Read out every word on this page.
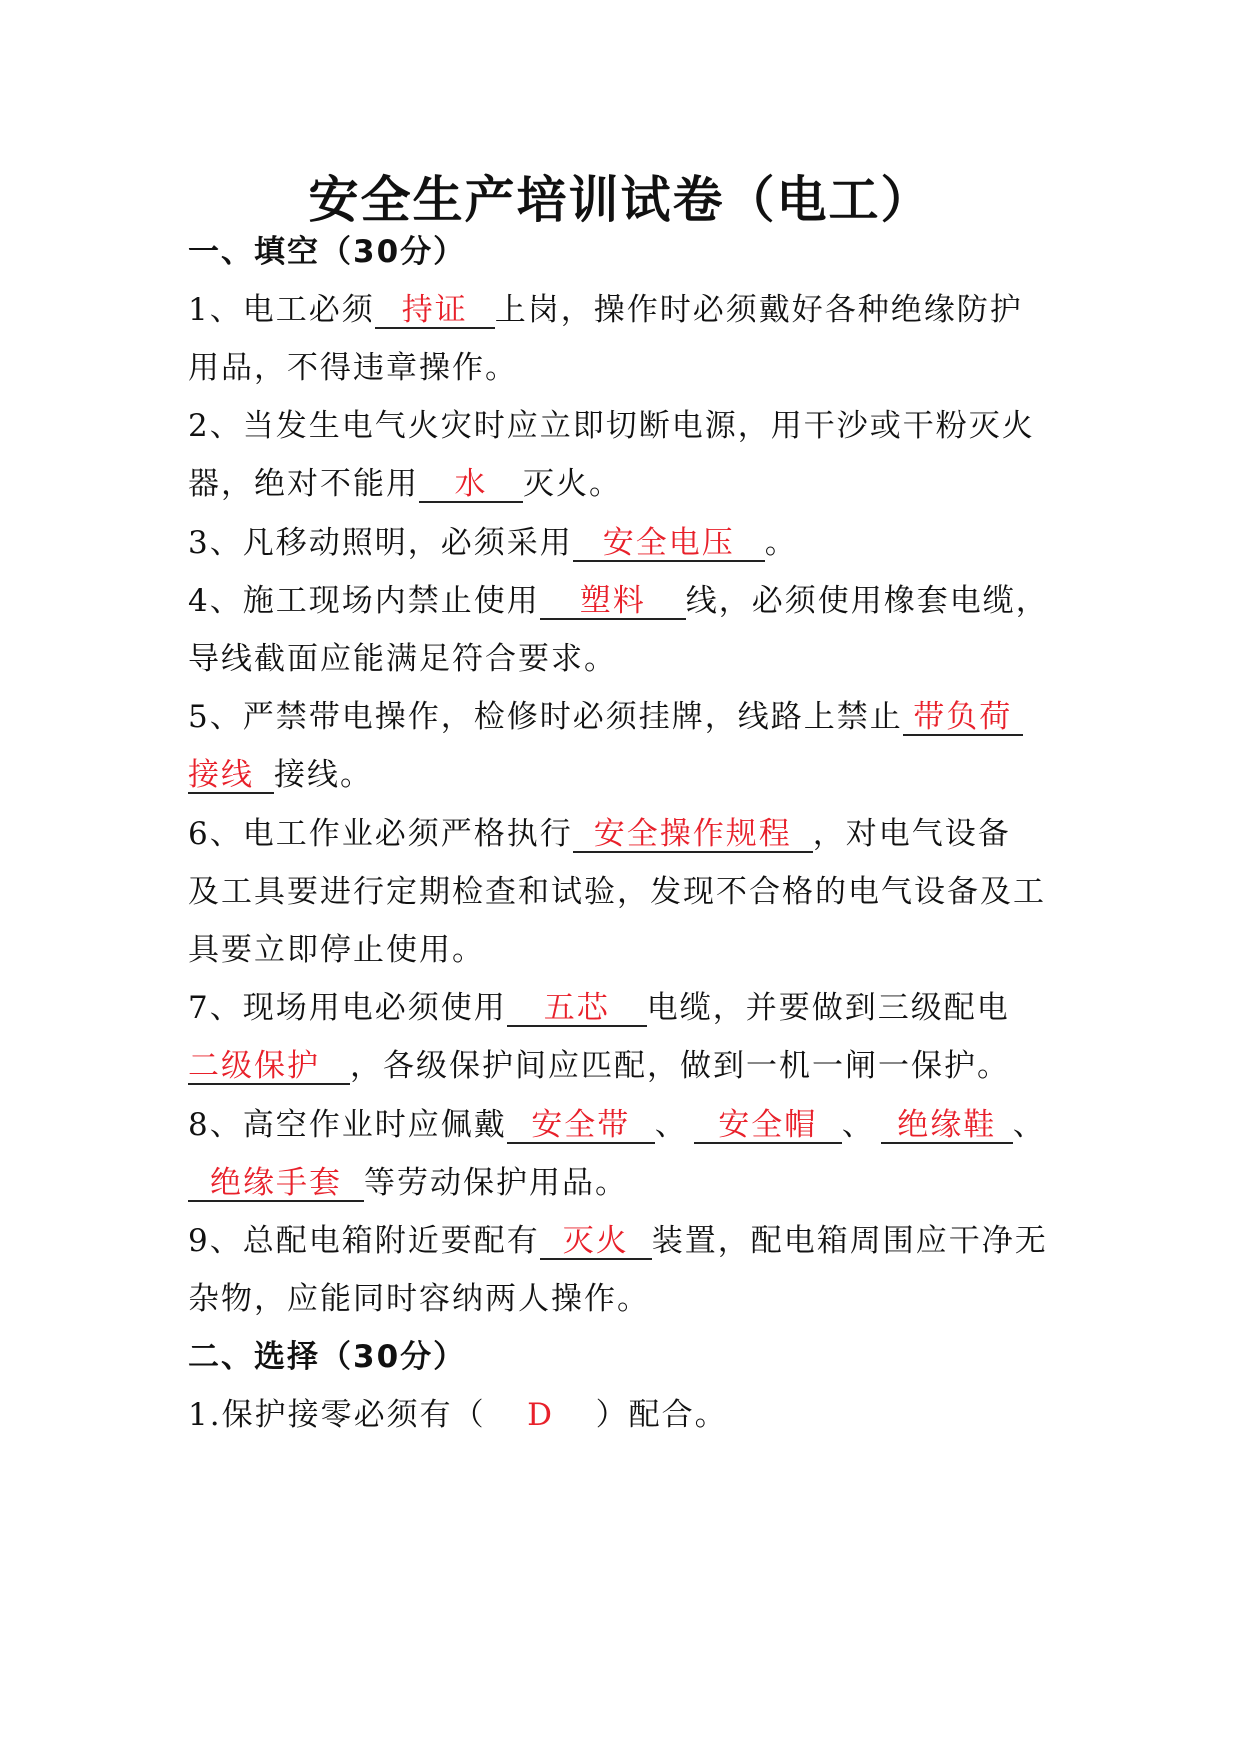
安全生产培训试卷（电工）
一、填空（30分）
1、电工必须 持证 上岗，操作时必须戴好各种绝缘防护
用品，不得违章操作。
2、当发生电气火灾时应立即切断电源，用干沙或干粉灭火
器，绝对不能用 水 灭火。
3、凡移动照明，必须采用 安全电压 。
4、施工现场内禁止使用 塑料 线，必须使用橡套电缆，
导线截面应能满足符合要求。
5、严禁带电操作，检修时必须挂牌，线路上禁止 带负荷
接线 接线。
6、电工作业必须严格执行 安全操作规程 ，对电气设备
及工具要进行定期检查和试验，发现不合格的电气设备及工
具要立即停止使用。
7、现场用电必须使用 五芯 电缆，并要做到三级配电
二级保护 ，各级保护间应匹配，做到一机一闸一保护。
8、高空作业时应佩戴 安全带 、 安全帽 、 绝缘鞋 、
绝缘手套 等劳动保护用品。
9、总配电箱附近要配有 灭火 装置，配电箱周围应干净无
杂物，应能同时容纳两人操作。
二、选择（30分）
1.保护接零必须有（ D ）配合。
